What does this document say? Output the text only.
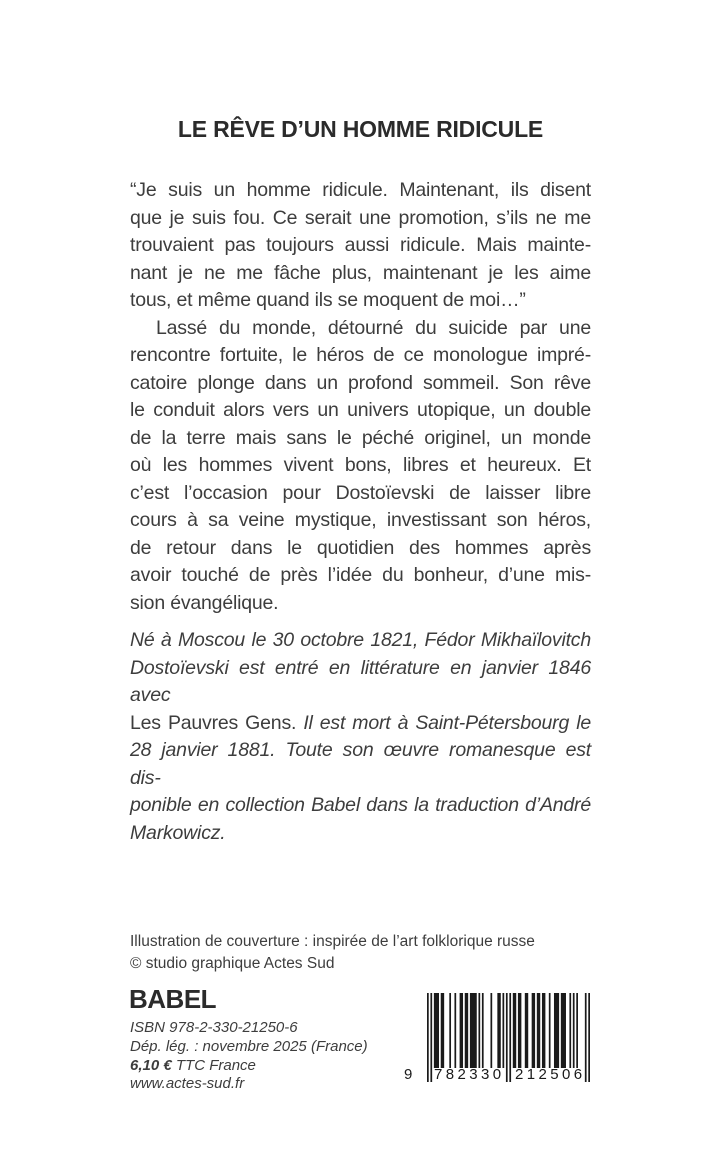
LE RÊVE D’UN HOMME RIDICULE
“Je suis un homme ridicule. Maintenant, ils disent
que je suis fou. Ce serait une promotion, s’ils ne me
trouvaient pas toujours aussi ridicule. Mais mainte-
nant je ne me fâche plus, maintenant je les aime
tous, et même quand ils se moquent de moi…”
Lassé du monde, détourné du suicide par une
rencontre fortuite, le héros de ce monologue impré-
catoire plonge dans un profond sommeil. Son rêve
le conduit alors vers un univers utopique, un double
de la terre mais sans le péché originel, un monde
où les hommes vivent bons, libres et heureux. Et
c’est l’occasion pour Dostoïevski de laisser libre
cours à sa veine mystique, investissant son héros,
de retour dans le quotidien des hommes après
avoir touché de près l’idée du bonheur, d’une mis-
sion évangélique.
Né à Moscou le 30 octobre 1821, Fédor Mikhaïlovitch
Dostoïevski est entré en littérature en janvier 1846 avec
Les Pauvres Gens. Il est mort à Saint-Pétersbourg le
28 janvier 1881. Toute son œuvre romanesque est dis-
ponible en collection Babel dans la traduction d’André
Markowicz.
Illustration de couverture : inspirée de l’art folklorique russe
© studio graphique Actes Sud
BABEL
ISBN 978-2-330-21250-6
Dép. lég. : novembre 2025 (France)
6,10 € TTC France
www.actes-sud.fr
9 782330 212506
